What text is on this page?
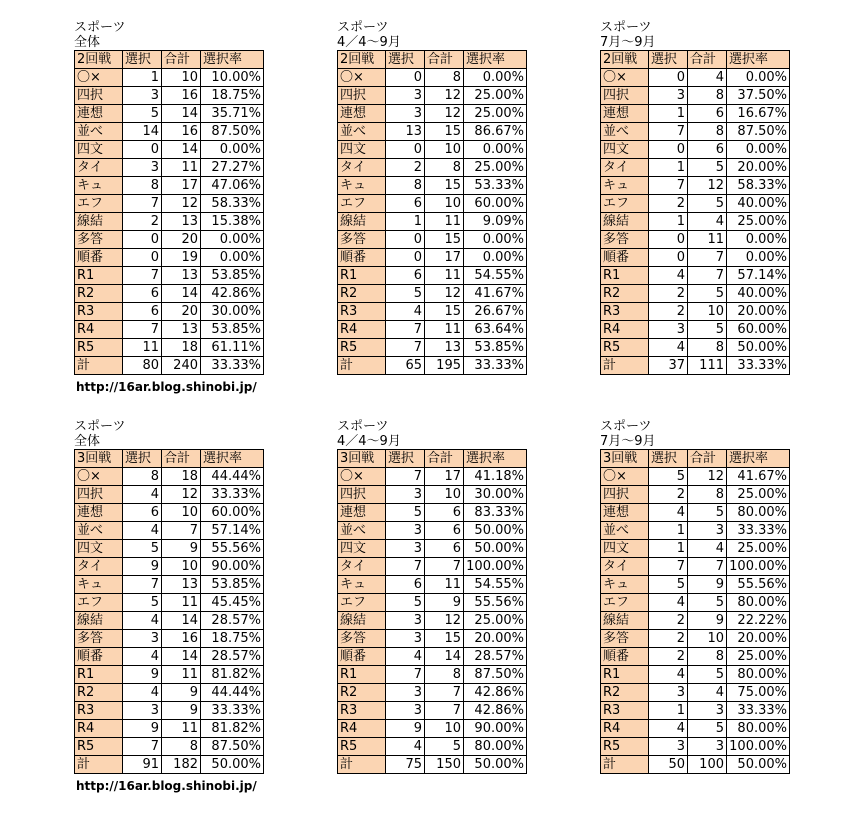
スポーツ
全体
2回戦	選択	合計	選択率
〇×	1	10	10.00%
四択	3	16	18.75%
連想	5	14	35.71%
並べ	14	16	87.50%
四文	0	14	0.00%
タイ	3	11	27.27%
キュ	8	17	47.06%
エフ	7	12	58.33%
線結	2	13	15.38%
多答	0	20	0.00%
順番	0	19	0.00%
R1	7	13	53.85%
R2	6	14	42.86%
R3	6	20	30.00%
R4	7	13	53.85%
R5	11	18	61.11%
計	80	240	33.33%
スポーツ
4／4～9月
2回戦	選択	合計	選択率
〇×	0	8	0.00%
四択	3	12	25.00%
連想	3	12	25.00%
並べ	13	15	86.67%
四文	0	10	0.00%
タイ	2	8	25.00%
キュ	8	15	53.33%
エフ	6	10	60.00%
線結	1	11	9.09%
多答	0	15	0.00%
順番	0	17	0.00%
R1	6	11	54.55%
R2	5	12	41.67%
R3	4	15	26.67%
R4	7	11	63.64%
R5	7	13	53.85%
計	65	195	33.33%
スポーツ
7月～9月
2回戦	選択	合計	選択率
〇×	0	4	0.00%
四択	3	8	37.50%
連想	1	6	16.67%
並べ	7	8	87.50%
四文	0	6	0.00%
タイ	1	5	20.00%
キュ	7	12	58.33%
エフ	2	5	40.00%
線結	1	4	25.00%
多答	0	11	0.00%
順番	0	7	0.00%
R1	4	7	57.14%
R2	2	5	40.00%
R3	2	10	20.00%
R4	3	5	60.00%
R5	4	8	50.00%
計	37	111	33.33%
http://16ar.blog.shinobi.jp/
スポーツ
全体
3回戦	選択	合計	選択率
〇×	8	18	44.44%
四択	4	12	33.33%
連想	6	10	60.00%
並べ	4	7	57.14%
四文	5	9	55.56%
タイ	9	10	90.00%
キュ	7	13	53.85%
エフ	5	11	45.45%
線結	4	14	28.57%
多答	3	16	18.75%
順番	4	14	28.57%
R1	9	11	81.82%
R2	4	9	44.44%
R3	3	9	33.33%
R4	9	11	81.82%
R5	7	8	87.50%
計	91	182	50.00%
スポーツ
4／4～9月
3回戦	選択	合計	選択率
〇×	7	17	41.18%
四択	3	10	30.00%
連想	5	6	83.33%
並べ	3	6	50.00%
四文	3	6	50.00%
タイ	7	7	100.00%
キュ	6	11	54.55%
エフ	5	9	55.56%
線結	3	12	25.00%
多答	3	15	20.00%
順番	4	14	28.57%
R1	7	8	87.50%
R2	3	7	42.86%
R3	3	7	42.86%
R4	9	10	90.00%
R5	4	5	80.00%
計	75	150	50.00%
スポーツ
7月～9月
3回戦	選択	合計	選択率
〇×	5	12	41.67%
四択	2	8	25.00%
連想	4	5	80.00%
並べ	1	3	33.33%
四文	1	4	25.00%
タイ	7	7	100.00%
キュ	5	9	55.56%
エフ	4	5	80.00%
線結	2	9	22.22%
多答	2	10	20.00%
順番	2	8	25.00%
R1	4	5	80.00%
R2	3	4	75.00%
R3	1	3	33.33%
R4	4	5	80.00%
R5	3	3	100.00%
計	50	100	50.00%
http://16ar.blog.shinobi.jp/
